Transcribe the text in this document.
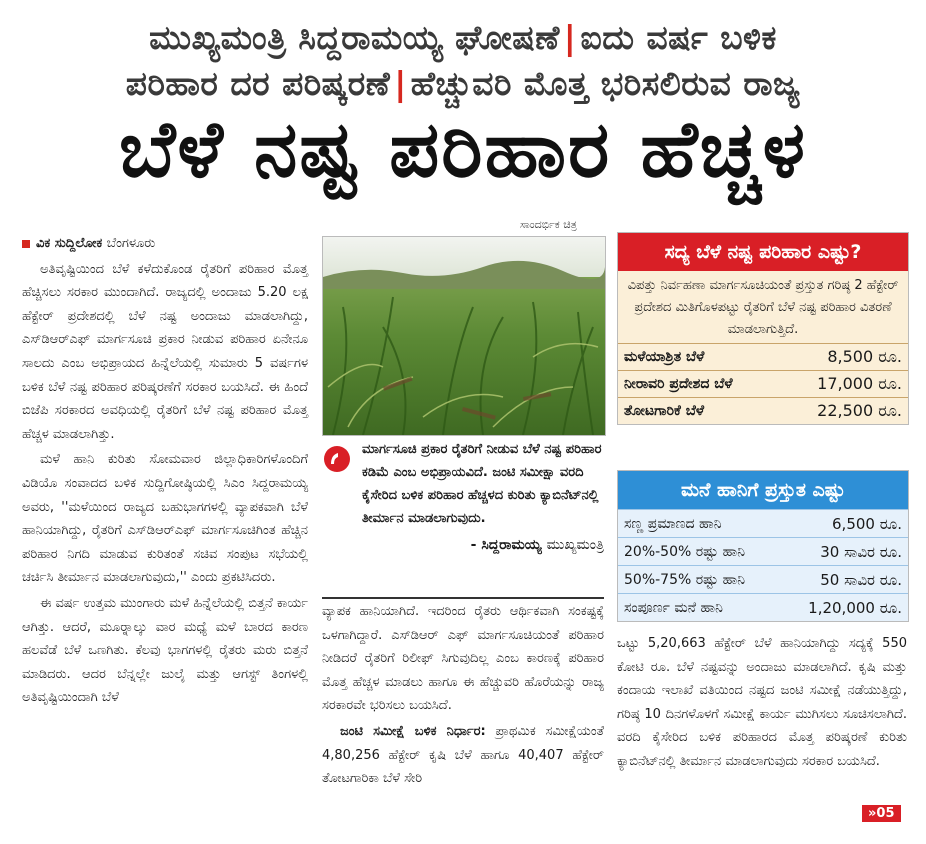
ಮುಖ್ಯಮಂತ್ರಿ ಸಿದ್ದರಾಮಯ್ಯ ಘೋಷಣೆ | ಐದು ವರ್ಷ ಬಳಿಕ
ಪರಿಹಾರ ದರ ಪರಿಷ್ಕರಣೆ | ಹೆಚ್ಚುವರಿ ಮೊತ್ತ ಭರಿಸಲಿರುವ ರಾಜ್ಯ
ಬೆಳೆ ನಷ್ಟ ಪರಿಹಾರ ಹೆಚ್ಚಳ
ಸಾಂದರ್ಭಿಕ ಚಿತ್ರ
ವಿಕ ಸುದ್ದಿಲೋಕ ಬೆಂಗಳೂರು

ಅತಿವೃಷ್ಟಿಯಿಂದ ಬೆಳೆ ಕಳೆದುಕೊಂಡ ರೈತರಿಗೆ ಪರಿಹಾರ ಮೊತ್ತ ಹೆಚ್ಚಿಸಲು ಸರಕಾರ ಮುಂದಾಗಿದೆ. ರಾಜ್ಯದಲ್ಲಿ ಅಂದಾಜು 5.20 ಲಕ್ಷ ಹೆಕ್ಟೇರ್ ಪ್ರದೇಶದಲ್ಲಿ ಬೆಳೆ ನಷ್ಟ ಅಂದಾಜು ಮಾಡಲಾಗಿದ್ದು, ಎಸ್‌ಡಿಆರ್‌ಎಫ್ ಮಾರ್ಗಸೂಚಿ ಪ್ರಕಾರ ನೀಡುವ ಪರಿಹಾರ ಏನೇನೂ ಸಾಲದು ಎಂಬ ಅಭಿಪ್ರಾಯದ ಹಿನ್ನೆಲೆಯಲ್ಲಿ ಸುಮಾರು 5 ವರ್ಷಗಳ ಬಳಿಕ ಬೆಳೆ ನಷ್ಟ ಪರಿಹಾರ ಪರಿಷ್ಕರಣೆಗೆ ಸರಕಾರ ಬಯಸಿದೆ. ಈ ಹಿಂದೆ ಬಿಜೆಪಿ ಸರಕಾರದ ಅವಧಿಯಲ್ಲಿ ರೈತರಿಗೆ ಬೆಳೆ ನಷ್ಟ ಪರಿಹಾರ ಮೊತ್ತ ಹೆಚ್ಚಳ ಮಾಡಲಾಗಿತ್ತು.

ಮಳೆ ಹಾನಿ ಕುರಿತು ಸೋಮವಾರ ಜಿಲ್ಲಾಧಿಕಾರಿಗಳೊಂದಿಗೆ ವಿಡಿಯೊ ಸಂವಾದದ ಬಳಿಕ ಸುದ್ದಿಗೋಷ್ಠಿಯಲ್ಲಿ ಸಿಎಂ ಸಿದ್ದರಾಮಯ್ಯ ಅವರು, ''ಮಳೆಯಿಂದ ರಾಜ್ಯದ ಬಹುಭಾಗಗಳಲ್ಲಿ ವ್ಯಾಪಕವಾಗಿ ಬೆಳೆ ಹಾನಿಯಾಗಿದ್ದು, ರೈತರಿಗೆ ಎಸ್‌ಡಿಆರ್‌ಎಫ್ ಮಾರ್ಗಸೂಚಿಗಿಂತ ಹೆಚ್ಚಿನ ಪರಿಹಾರ ನಿಗದಿ ಮಾಡುವ ಕುರಿತಂತೆ ಸಚಿವ ಸಂಪುಟ ಸಭೆಯಲ್ಲಿ ಚರ್ಚಿಸಿ ತೀರ್ಮಾನ ಮಾಡಲಾಗುವುದು,'' ಎಂದು ಪ್ರಕಟಿಸಿದರು.

ಈ ವರ್ಷ ಉತ್ತಮ ಮುಂಗಾರು ಮಳೆ ಹಿನ್ನೆಲೆಯಲ್ಲಿ ಬಿತ್ತನೆ ಕಾರ್ಯ ಆಗಿತ್ತು. ಆದರೆ, ಮೂರ್‍ನಾಲ್ಕು ವಾರ ಮಧ್ಯೆ ಮಳೆ ಬಾರದ ಕಾರಣ ಹಲವೆಡೆ ಬೆಳೆ ಒಣಗಿತು. ಕೆಲವು ಭಾಗಗಳಲ್ಲಿ ರೈತರು ಮರು ಬಿತ್ತನೆ ಮಾಡಿದರು. ಆದರ ಬೆನ್ನಲ್ಲೇ ಜುಲೈ ಮತ್ತು ಆಗಸ್ಟ್ ತಿಂಗಳಲ್ಲಿ ಅತಿವೃಷ್ಟಿಯಿಂದಾಗಿ ಬೆಳೆ

ಮಾರ್ಗಸೂಚಿ ಪ್ರಕಾರ ರೈತರಿಗೆ ನೀಡುವ ಬೆಳೆ ನಷ್ಟ ಪರಿಹಾರ ಕಡಿಮೆ ಎಂಬ ಅಭಿಪ್ರಾಯವಿದೆ. ಜಂಟಿ ಸಮೀಕ್ಷಾ ವರದಿ ಕೈಸೇರಿದ ಬಳಿಕ ಪರಿಹಾರ ಹೆಚ್ಚಳದ ಕುರಿತು ಕ್ಯಾಬಿನೆಟ್‌ನಲ್ಲಿ ತೀರ್ಮಾನ ಮಾಡಲಾಗುವುದು.
- ಸಿದ್ದರಾಮಯ್ಯ ಮುಖ್ಯಮಂತ್ರಿ

ವ್ಯಾಪಕ ಹಾನಿಯಾಗಿದೆ. ಇದರಿಂದ ರೈತರು ಆರ್ಥಿಕವಾಗಿ ಸಂಕಷ್ಟಕ್ಕೆ ಒಳಗಾಗಿದ್ದಾರೆ. ಎಸ್‌ಡಿಆರ್ ಎಫ್ ಮಾರ್ಗಸೂಚಿಯಂತೆ ಪರಿಹಾರ ನೀಡಿದರೆ ರೈತರಿಗೆ ರಿಲೀಫ್ ಸಿಗುವುದಿಲ್ಲ ಎಂಬ ಕಾರಣಕ್ಕೆ ಪರಿಹಾರ ಮೊತ್ತ ಹೆಚ್ಚಳ ಮಾಡಲು ಹಾಗೂ ಈ ಹೆಚ್ಚುವರಿ ಹೊರೆಯನ್ನು ರಾಜ್ಯ ಸರಕಾರವೇ ಭರಿಸಲು ಬಯಸಿದೆ.

ಜಂಟಿ ಸಮೀಕ್ಷೆ ಬಳಿಕ ನಿರ್ಧಾರ: ಪ್ರಾಥಮಿಕ ಸಮೀಕ್ಷೆಯಂತೆ 4,80,256 ಹೆಕ್ಟೇರ್ ಕೃಷಿ ಬೆಳೆ ಹಾಗೂ 40,407 ಹೆಕ್ಟೇರ್ ತೋಟಗಾರಿಕಾ ಬೆಳೆ ಸೇರಿ

ಸದ್ಯ ಬೆಳೆ ನಷ್ಟ ಪರಿಹಾರ ಎಷ್ಟು?
ವಿಪತ್ತು ನಿರ್ವಹಣಾ ಮಾರ್ಗಸೂಚಿಯಂತೆ ಪ್ರಸ್ತುತ ಗರಿಷ್ಠ 2 ಹೆಕ್ಟೇರ್ ಪ್ರದೇಶದ ಮಿತಿಗೊಳಪಟ್ಟು ರೈತರಿಗೆ ಬೆಳೆ ನಷ್ಟ ಪರಿಹಾರ ವಿತರಣೆ ಮಾಡಲಾಗುತ್ತಿದೆ.
ಮಳೆಯಾಶ್ರಿತ ಬೆಳೆ	8,500 ರೂ.
ನೀರಾವರಿ ಪ್ರದೇಶದ ಬೆಳೆ	17,000 ರೂ.
ತೋಟಗಾರಿಕೆ ಬೆಳೆ	22,500 ರೂ.
ಮನೆ ಹಾನಿಗೆ ಪ್ರಸ್ತುತ ಎಷ್ಟು
ಸಣ್ಣ ಪ್ರಮಾಣದ ಹಾನಿ	6,500 ರೂ.
20%-50% ರಷ್ಟು ಹಾನಿ	30 ಸಾವಿರ ರೂ.
50%-75% ರಷ್ಟು ಹಾನಿ	50 ಸಾವಿರ ರೂ.
ಸಂಪೂರ್ಣ ಮನೆ ಹಾನಿ	1,20,000 ರೂ.

ಒಟ್ಟು 5,20,663 ಹೆಕ್ಟೇರ್ ಬೆಳೆ ಹಾನಿಯಾಗಿದ್ದು ಸದ್ಯಕ್ಕೆ 550 ಕೋಟಿ ರೂ. ಬೆಳೆ ನಷ್ಟವನ್ನು ಅಂದಾಜು ಮಾಡಲಾಗಿದೆ. ಕೃಷಿ ಮತ್ತು ಕಂದಾಯ ಇಲಾಖೆ ವತಿಯಿಂದ ನಷ್ಟದ ಜಂಟಿ ಸಮೀಕ್ಷೆ ನಡೆಯುತ್ತಿದ್ದು, ಗರಿಷ್ಠ 10 ದಿನಗಳೊಳಗೆ ಸಮೀಕ್ಷೆ ಕಾರ್ಯ ಮುಗಿಸಲು ಸೂಚಿಸಲಾಗಿದೆ. ವರದಿ ಕೈಸೇರಿದ ಬಳಿಕ ಪರಿಹಾರದ ಮೊತ್ತ ಪರಿಷ್ಕರಣೆ ಕುರಿತು ಕ್ಯಾಬಿನೆಟ್‌ನಲ್ಲಿ ತೀರ್ಮಾನ ಮಾಡಲಾಗುವುದು ಸರಕಾರ ಬಯಸಿದೆ.

»05
